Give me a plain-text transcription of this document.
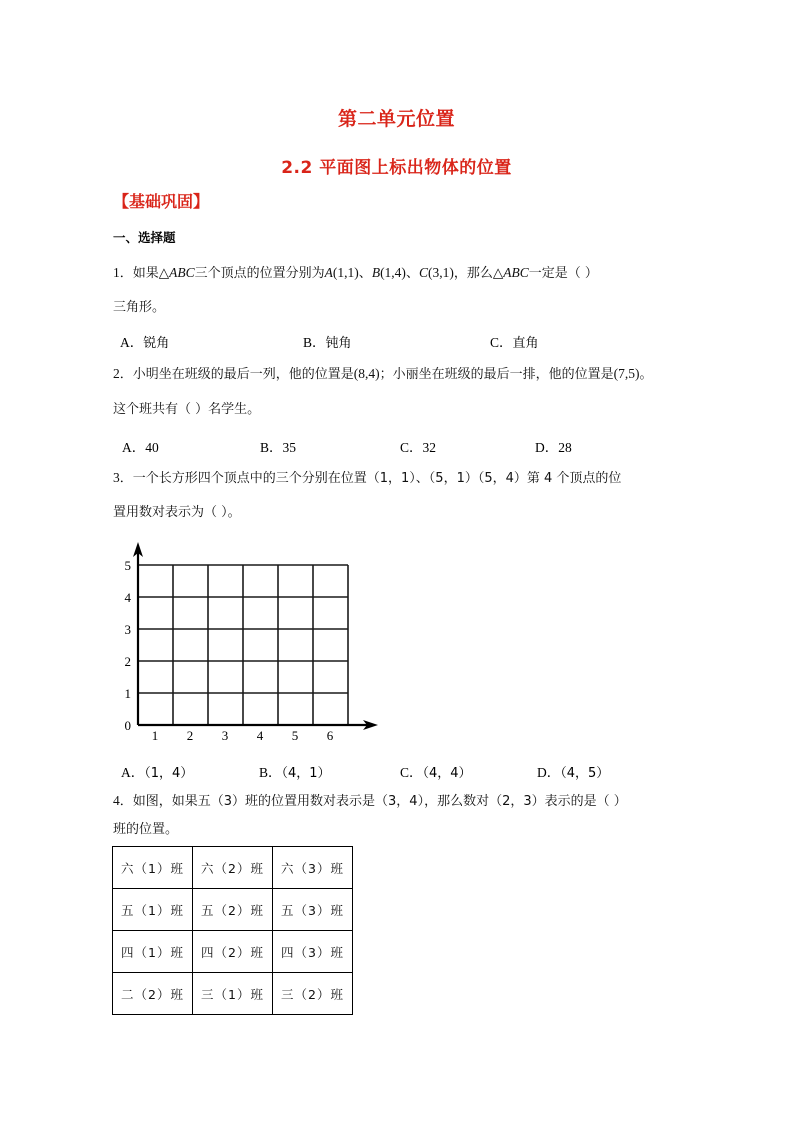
第二单元位置
2.2 平面图上标出物体的位置
【基础巩固】
一、选择题
1．如果△ABC三个顶点的位置分别为A(1,1)、B(1,4)、C(3,1)，那么△ABC一定是（ ）
三角形。
A．锐角	B．钝角	C．直角
2．小明坐在班级的最后一列，他的位置是(8,4)；小丽坐在班级的最后一排，他的位置是(7,5)。
这个班共有（ ）名学生。
A．40	B．35	C．32	D．28
3．一个长方形四个顶点中的三个分别在位置（1，1）、（5，1）（5，4）第 4 个顶点的位
置用数对表示为（ ）。
0
1
2
3
4
5
1 2 3 4 5 6
A．（1，4）	B．（4，1）	C．（4，4）	D．（4，5）
4．如图，如果五（3）班的位置用数对表示是（3，4），那么数对（2，3）表示的是（ ）
班的位置。
六（1）班	六（2）班	六（3）班
五（1）班	五（2）班	五（3）班
四（1）班	四（2）班	四（3）班
二（2）班	三（1）班	三（2）班
